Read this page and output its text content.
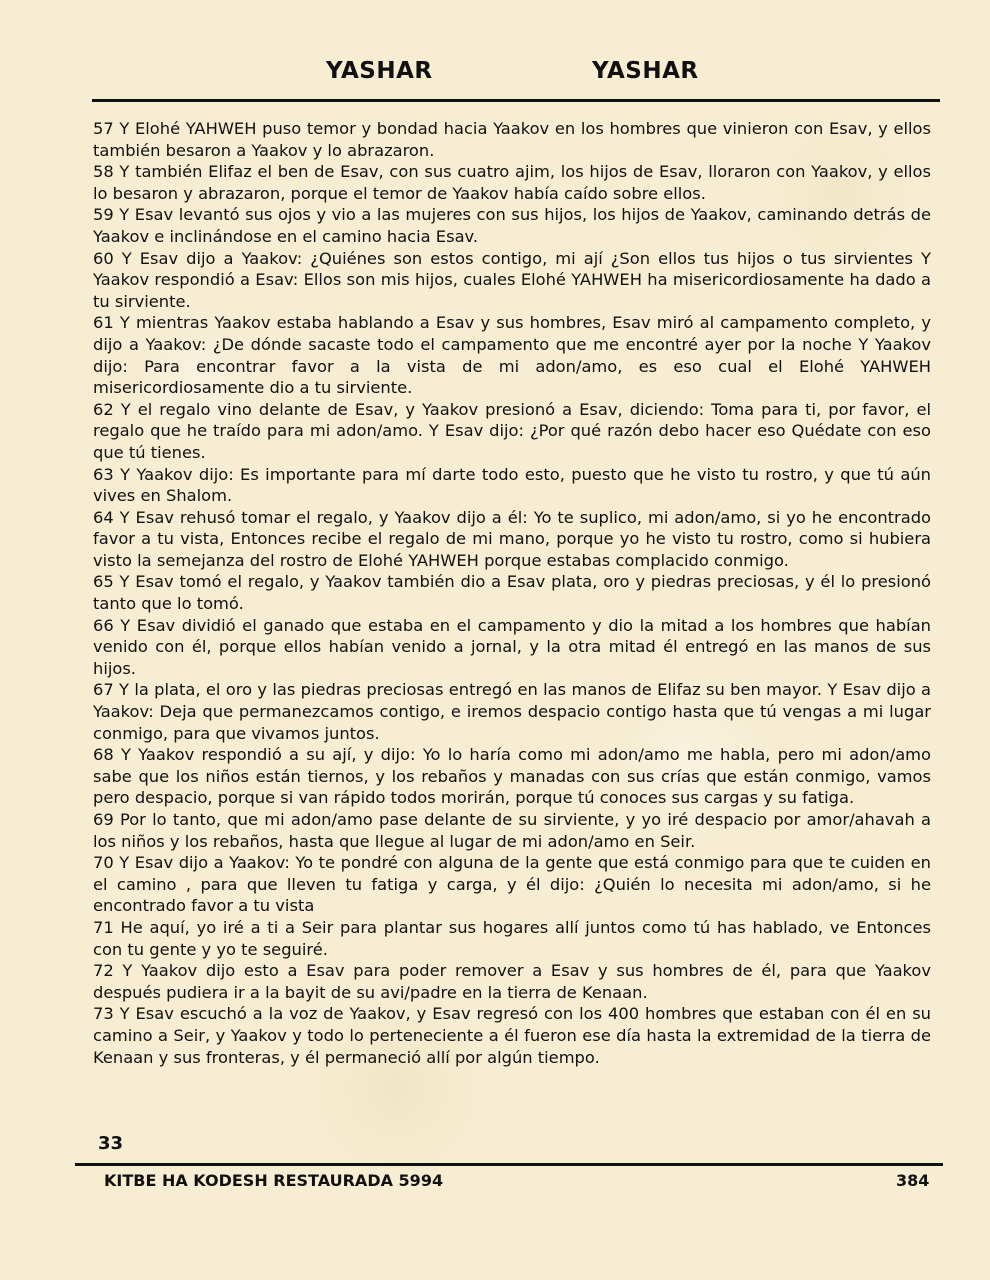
YASHAR	YASHAR

57 Y Elohé YAHWEH puso temor y bondad hacia Yaakov en los hombres que vinieron con Esav, y ellos también besaron a Yaakov y lo abrazaron.

58 Y también Elifaz el ben de Esav, con sus cuatro ajim, los hijos de Esav, lloraron con Yaakov, y ellos lo besaron y abrazaron, porque el temor de Yaakov había caído sobre ellos.

59 Y Esav levantó sus ojos y vio a las mujeres con sus hijos, los hijos de Yaakov, caminando detrás de Yaakov e inclinándose en el camino hacia Esav.

60 Y Esav dijo a Yaakov: ¿Quiénes son estos contigo, mi ají ¿Son ellos tus hijos o tus sirvientes Y Yaakov respondió a Esav: Ellos son mis hijos, cuales Elohé YAHWEH ha misericordiosamente ha dado a tu sirviente.

61 Y mientras Yaakov estaba hablando a Esav y sus hombres, Esav miró al campamento completo, y dijo a Yaakov: ¿De dónde sacaste todo el campamento que me encontré ayer por la noche Y Yaakov dijo: Para encontrar favor a la vista de mi adon/amo, es eso cual el Elohé YAHWEH misericordiosamente dio a tu sirviente.

62 Y el regalo vino delante de Esav, y Yaakov presionó a Esav, diciendo: Toma para ti, por favor, el regalo que he traído para mi adon/amo. Y Esav dijo: ¿Por qué razón debo hacer eso Quédate con eso que tú tienes.

63 Y Yaakov dijo: Es importante para mí darte todo esto, puesto que he visto tu rostro, y que tú aún vives en Shalom.

64 Y Esav rehusó tomar el regalo, y Yaakov dijo a él: Yo te suplico, mi adon/amo, si yo he encontrado favor a tu vista, Entonces recibe el regalo de mi mano, porque yo he visto tu rostro, como si hubiera visto la semejanza del rostro de Elohé YAHWEH porque estabas complacido conmigo.

65 Y Esav tomó el regalo, y Yaakov también dio a Esav plata, oro y piedras preciosas, y él lo presionó tanto que lo tomó.

66 Y Esav dividió el ganado que estaba en el campamento y dio la mitad a los hombres que habían venido con él, porque ellos habían venido a jornal, y la otra mitad él entregó en las manos de sus hijos.

67 Y la plata, el oro y las piedras preciosas entregó en las manos de Elifaz su ben mayor. Y Esav dijo a Yaakov: Deja que permanezcamos contigo, e iremos despacio contigo hasta que tú vengas a mi lugar conmigo, para que vivamos juntos.

68 Y Yaakov respondió a su ají, y dijo: Yo lo haría como mi adon/amo me habla, pero mi adon/amo sabe que los niños están tiernos, y los rebaños y manadas con sus crías que están conmigo, vamos pero despacio, porque si van rápido todos morirán, porque tú conoces sus cargas y su fatiga.

69 Por lo tanto, que mi adon/amo pase delante de su sirviente, y yo iré despacio por amor/ahavah a los niños y los rebaños, hasta que llegue al lugar de mi adon/amo en Seir.

70 Y Esav dijo a Yaakov: Yo te pondré con alguna de la gente que está conmigo para que te cuiden en el camino , para que lleven tu fatiga y carga, y él dijo: ¿Quién lo necesita mi adon/amo, si he encontrado favor a tu vista

71 He aquí, yo iré a ti a Seir para plantar sus hogares allí juntos como tú has hablado, ve Entonces con tu gente y yo te seguiré.

72 Y Yaakov dijo esto a Esav para poder remover a Esav y sus hombres de él, para que Yaakov después pudiera ir a la bayit de su avi/padre en la tierra de Kenaan.

73 Y Esav escuchó a la voz de Yaakov, y Esav regresó con los 400 hombres que estaban con él en su camino a Seir, y Yaakov y todo lo perteneciente a él fueron ese día hasta la extremidad de la tierra de Kenaan y sus fronteras, y él permaneció allí por algún tiempo.

33
KITBE HA KODESH RESTAURADA 5994	384
